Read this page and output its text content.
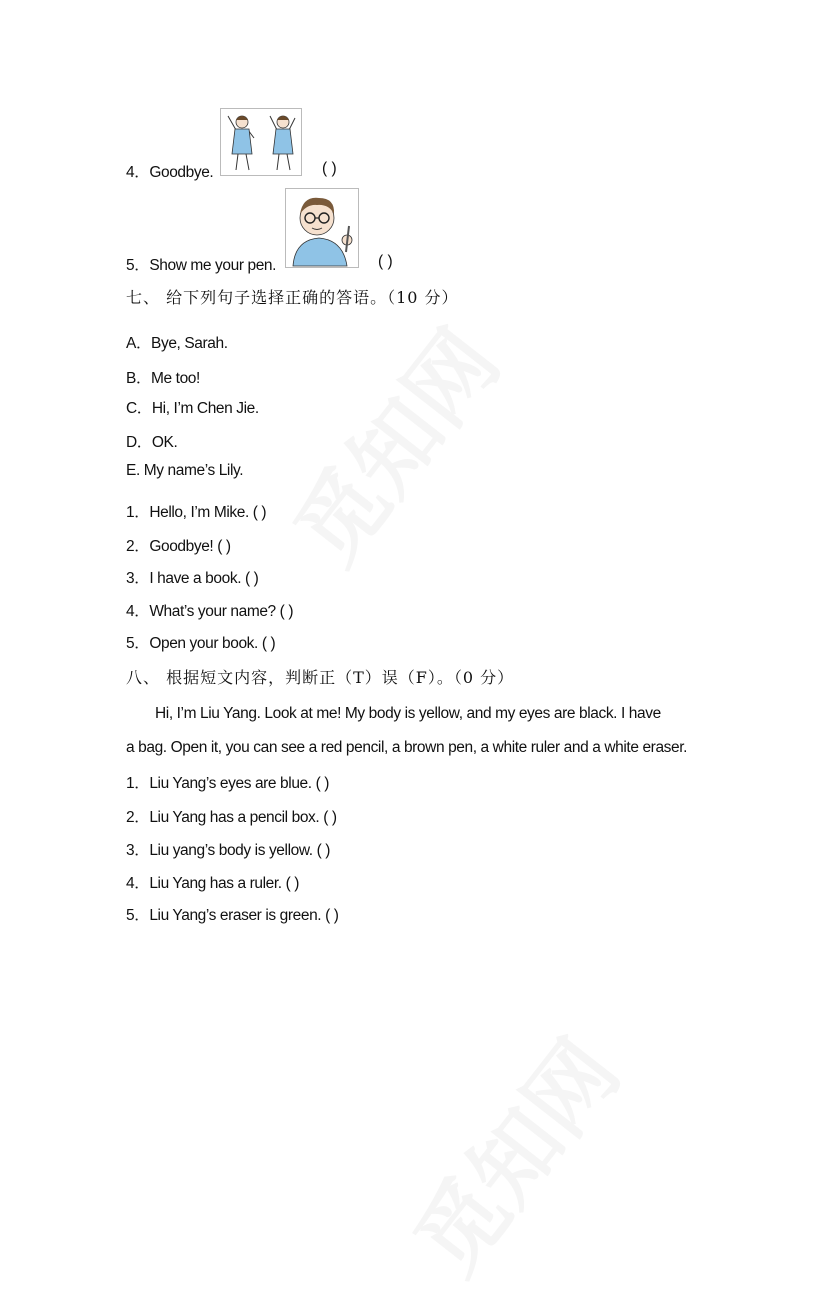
觅知网
觅知网
4．Goodbye.	( )
5．Show me your pen.	( )
七、 给下列句子选择正确的答语。（10 分）
A．Bye, Sarah.
B．Me too!
C．Hi, I’m Chen Jie.
D．OK.
E. My name’s Lily.
1．Hello, I’m Mike. ( )
2．Goodbye! ( )
3．I have a book. ( )
4．What’s your name? ( )
5．Open your book. ( )
八、 根据短文内容，判断正（T）误（F）。（0 分）
Hi, I’m Liu Yang. Look at me! My body is yellow, and my eyes are black. I have
a bag. Open it, you can see a red pencil, a brown pen, a white ruler and a white eraser.
1．Liu Yang’s eyes are blue. ( )
2．Liu Yang has a pencil box. ( )
3．Liu yang’s body is yellow. ( )
4．Liu Yang has a ruler. ( )
5．Liu Yang’s eraser is green. ( )
